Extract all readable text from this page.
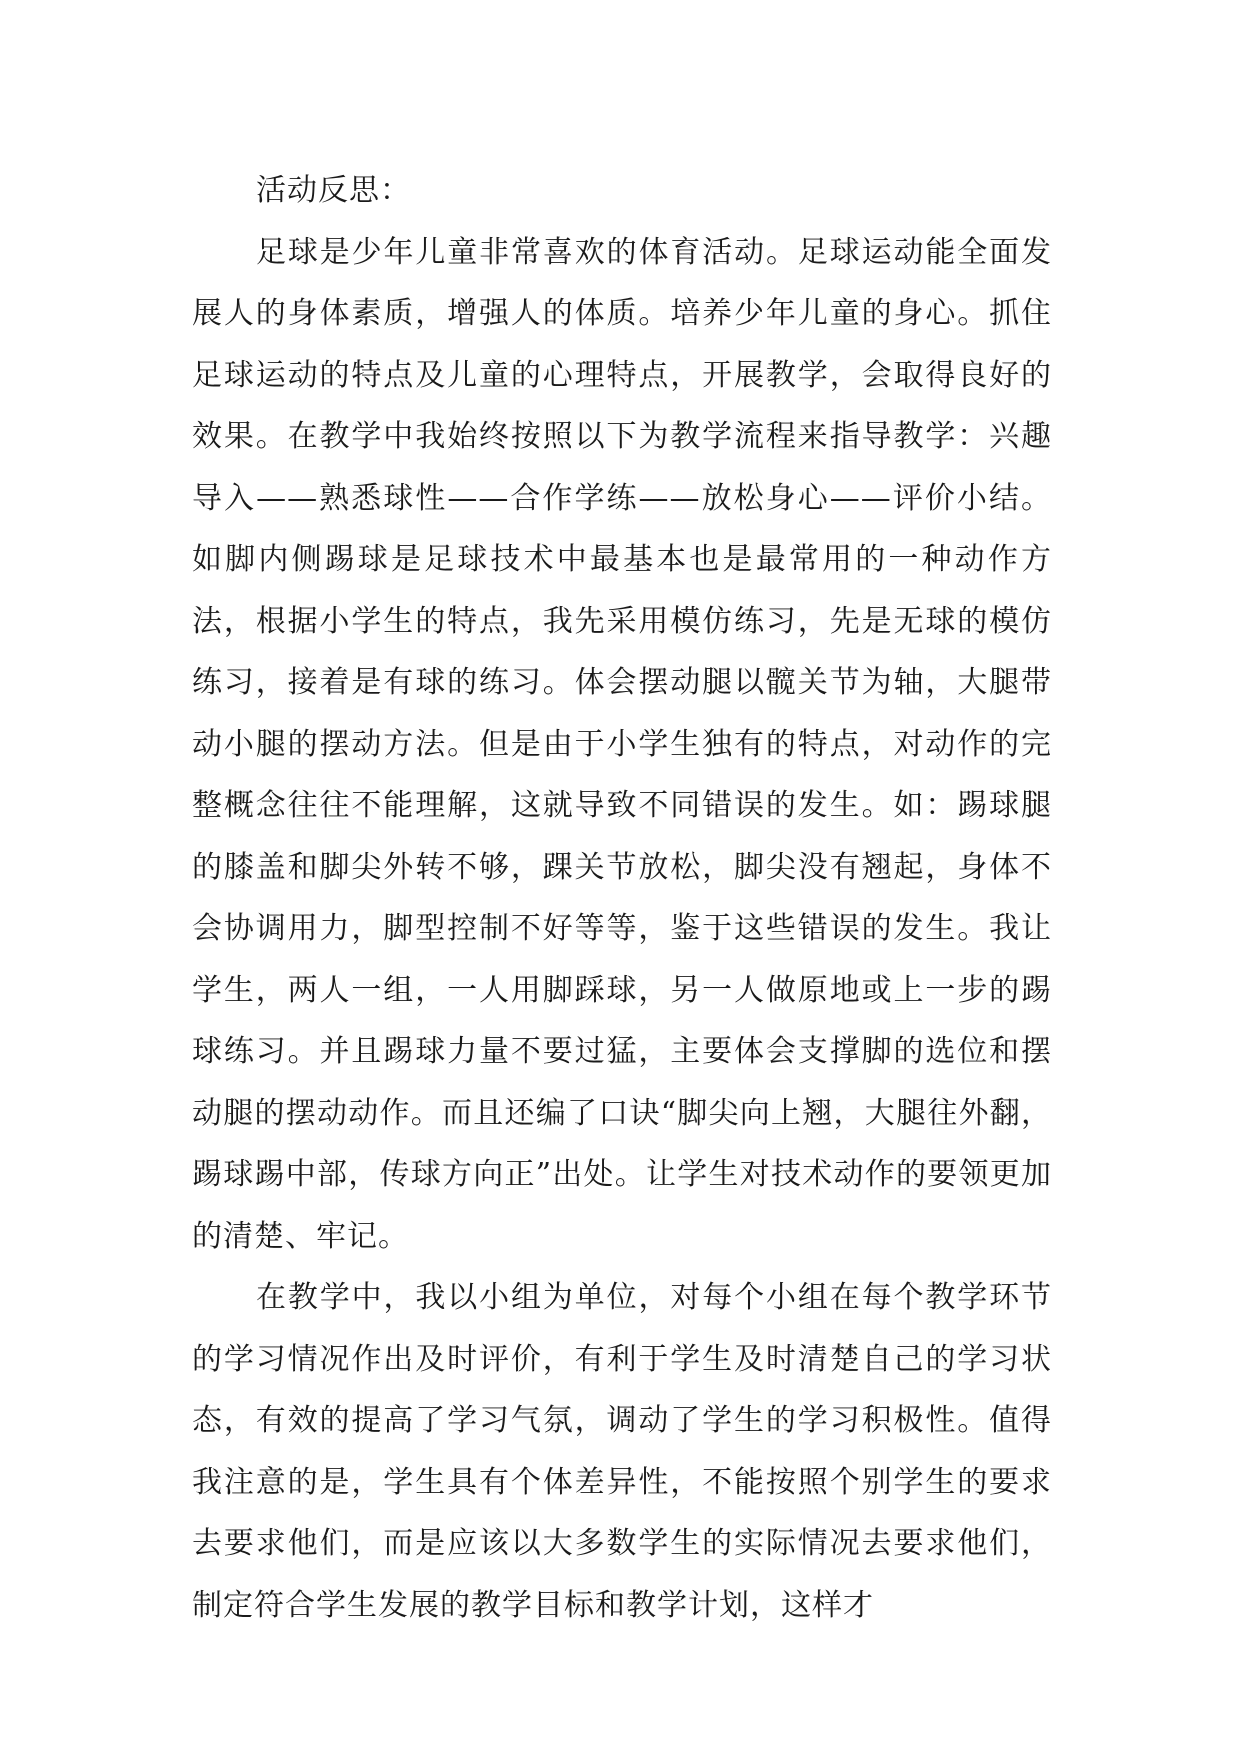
活动反思：

足球是少年儿童非常喜欢的体育活动。足球运动能全面发展人的身体素质，增强人的体质。培养少年儿童的身心。抓住足球运动的特点及儿童的心理特点，开展教学，会取得良好的效果。在教学中我始终按照以下为教学流程来指导教学：兴趣导入——熟悉球性——合作学练——放松身心——评价小结。如脚内侧踢球是足球技术中最基本也是最常用的一种动作方法，根据小学生的特点，我先采用模仿练习，先是无球的模仿练习，接着是有球的练习。体会摆动腿以髋关节为轴，大腿带动小腿的摆动方法。但是由于小学生独有的特点，对动作的完整概念往往不能理解，这就导致不同错误的发生。如：踢球腿的膝盖和脚尖外转不够，踝关节放松，脚尖没有翘起，身体不会协调用力，脚型控制不好等等，鉴于这些错误的发生。我让学生，两人一组，一人用脚踩球，另一人做原地或上一步的踢球练习。并且踢球力量不要过猛，主要体会支撑脚的选位和摆动腿的摆动动作。而且还编了口诀“脚尖向上翘，大腿往外翻，踢球踢中部，传球方向正”出处。让学生对技术动作的要领更加的清楚、牢记。

在教学中，我以小组为单位，对每个小组在每个教学环节的学习情况作出及时评价，有利于学生及时清楚自己的学习状态，有效的提高了学习气氛，调动了学生的学习积极性。值得我注意的是，学生具有个体差异性，不能按照个别学生的要求去要求他们，而是应该以大多数学生的实际情况去要求他们，制定符合学生发展的教学目标和教学计划，这样才
